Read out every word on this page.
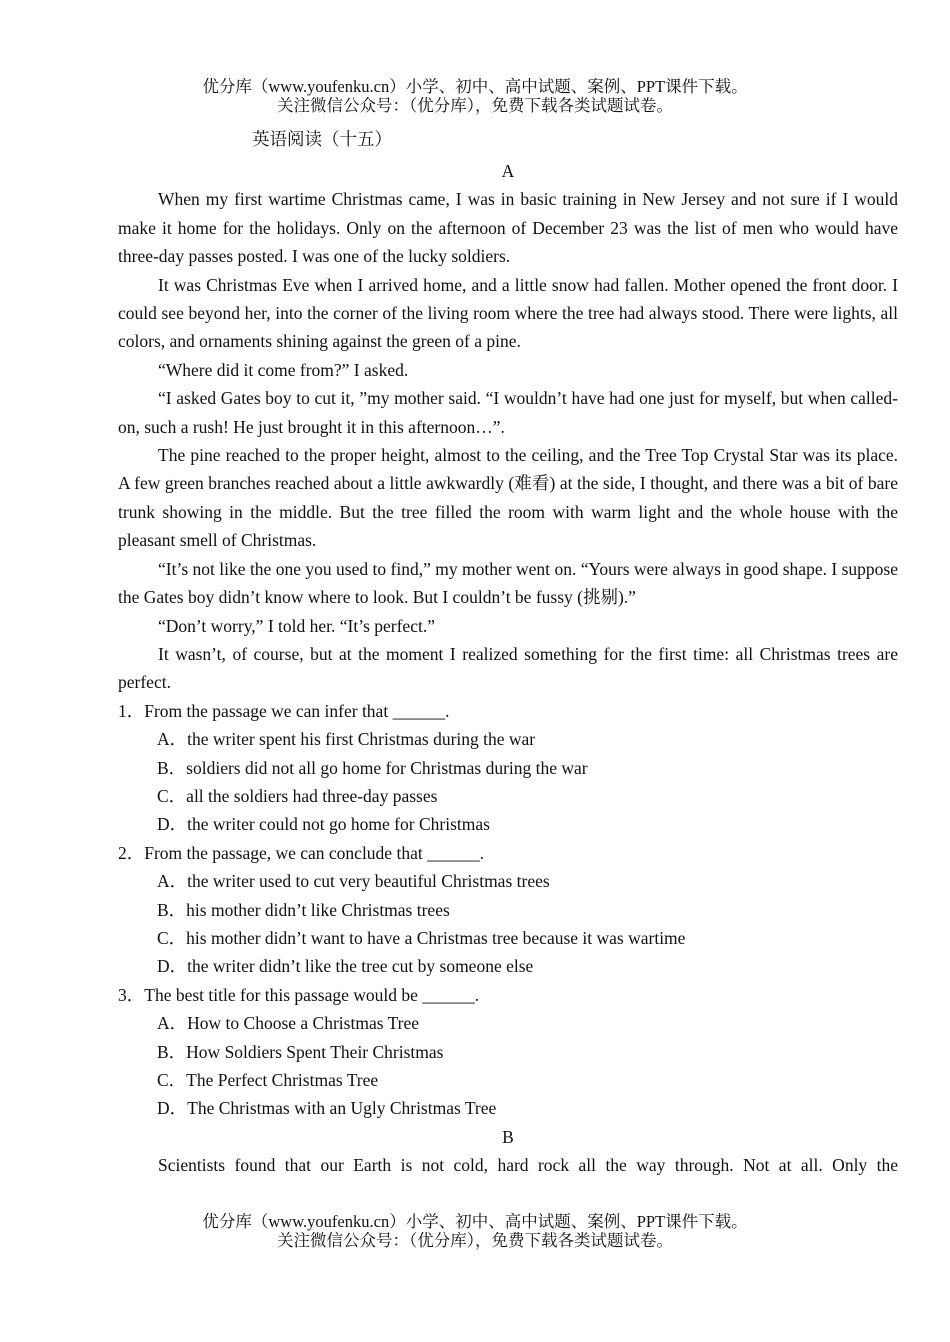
优分库（www.youfenku.cn）小学、初中、高中试题、案例、PPT课件下载。
关注微信公众号：（优分库），免费下载各类试题试卷。
英语阅读（十五）
A

When my first wartime Christmas came, I was in basic training in New Jersey and not sure if I would make it home for the holidays. Only on the afternoon of December 23 was the list of men who would have three-day passes posted. I was one of the lucky soldiers.

It was Christmas Eve when I arrived home, and a little snow had fallen. Mother opened the front door. I could see beyond her, into the corner of the living room where the tree had always stood. There were lights, all colors, and ornaments shining against the green of a pine.

“Where did it come from?” I asked.

“I asked Gates boy to cut it, ”my mother said. “I wouldn’t have had one just for myself, but when called-on, such a rush! He just brought it in this afternoon…”.

The pine reached to the proper height, almost to the ceiling, and the Tree Top Crystal Star was its place. A few green branches reached about a little awkwardly (难看) at the side, I thought, and there was a bit of bare trunk showing in the middle. But the tree filled the room with warm light and the whole house with the pleasant smell of Christmas.

“It’s not like the one you used to find,” my mother went on. “Yours were always in good shape. I suppose the Gates boy didn’t know where to look. But I couldn’t be fussy (挑剔).”

“Don’t worry,” I told her. “It’s perfect.”

It wasn’t, of course, but at the moment I realized something for the first time: all Christmas trees are perfect.

1．From the passage we can infer that ______.

A．the writer spent his first Christmas during the war

B．soldiers did not all go home for Christmas during the war

C．all the soldiers had three-day passes

D．the writer could not go home for Christmas

2．From the passage, we can conclude that ______.

A．the writer used to cut very beautiful Christmas trees

B．his mother didn’t like Christmas trees

C．his mother didn’t want to have a Christmas tree because it was wartime

D．the writer didn’t like the tree cut by someone else

3．The best title for this passage would be ______.

A．How to Choose a Christmas Tree

B．How Soldiers Spent Their Christmas

C．The Perfect Christmas Tree

D．The Christmas with an Ugly Christmas Tree

B

Scientists found that our Earth is not cold, hard rock all the way through. Not at all. Only the

优分库（www.youfenku.cn）小学、初中、高中试题、案例、PPT课件下载。
关注微信公众号：（优分库），免费下载各类试题试卷。
